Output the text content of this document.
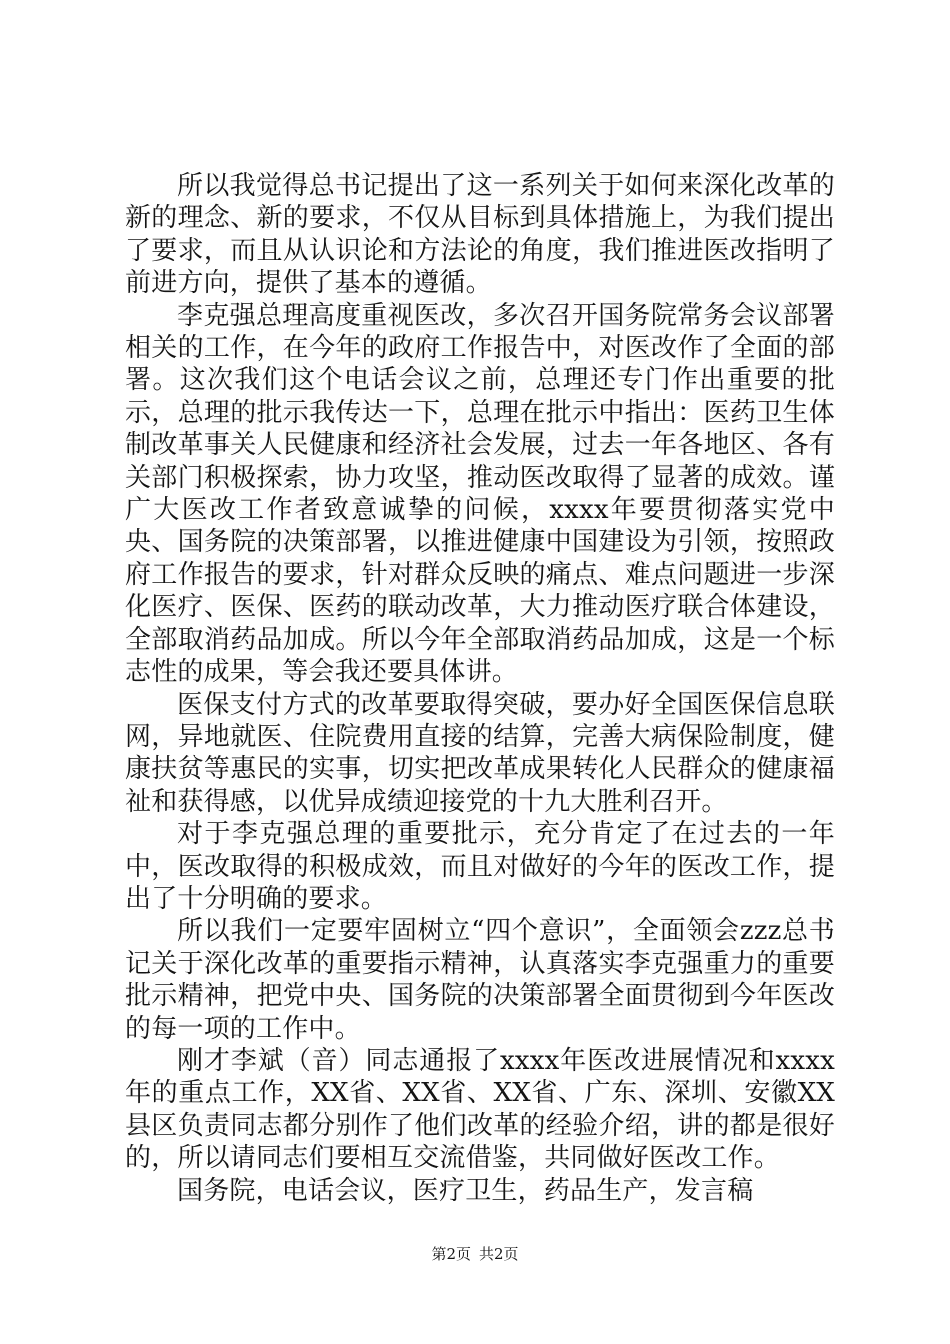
所以我觉得总书记提出了这一系列关于如何来深化改革的新的理念、新的要求，不仅从目标到具体措施上，为我们提出了要求，而且从认识论和方法论的角度，我们推进医改指明了前进方向，提供了基本的遵循。

李克强总理高度重视医改，多次召开国务院常务会议部署相关的工作，在今年的政府工作报告中，对医改作了全面的部署。这次我们这个电话会议之前，总理还专门作出重要的批示，总理的批示我传达一下，总理在批示中指出：医药卫生体制改革事关人民健康和经济社会发展，过去一年各地区、各有关部门积极探索，协力攻坚，推动医改取得了显著的成效。谨广大医改工作者致意诚挚的问候，xxxx年要贯彻落实党中央、国务院的决策部署，以推进健康中国建设为引领，按照政府工作报告的要求，针对群众反映的痛点、难点问题进一步深化医疗、医保、医药的联动改革，大力推动医疗联合体建设，全部取消药品加成。所以今年全部取消药品加成，这是一个标志性的成果，等会我还要具体讲。

医保支付方式的改革要取得突破，要办好全国医保信息联网，异地就医、住院费用直接的结算，完善大病保险制度，健康扶贫等惠民的实事，切实把改革成果转化人民群众的健康福祉和获得感，以优异成绩迎接党的十九大胜利召开。

对于李克强总理的重要批示，充分肯定了在过去的一年中，医改取得的积极成效，而且对做好的今年的医改工作，提出了十分明确的要求。

所以我们一定要牢固树立“四个意识”，全面领会zzz总书记关于深化改革的重要指示精神，认真落实李克强重力的重要批示精神，把党中央、国务院的决策部署全面贯彻到今年医改的每一项的工作中。

刚才李斌（音）同志通报了xxxx年医改进展情况和xxxx年的重点工作，XX省、XX省、XX省、广东、深圳、安徽XX县区负责同志都分别作了他们改革的经验介绍，讲的都是很好的，所以请同志们要相互交流借鉴，共同做好医改工作。

国务院，电话会议，医疗卫生，药品生产，发言稿

第2页 共2页
